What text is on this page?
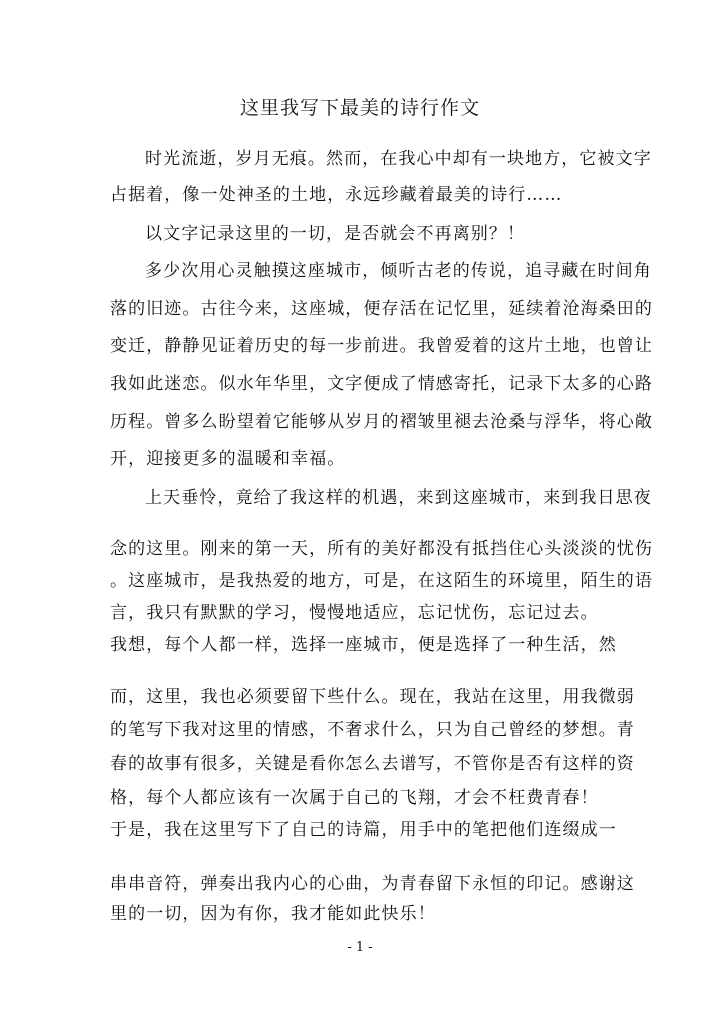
这里我写下最美的诗行作文
时光流逝，岁月无痕。然而，在我心中却有一块地方，它被文字
占据着，像一处神圣的土地，永远珍藏着最美的诗行……
以文字记录这里的一切，是否就会不再离别？！
多少次用心灵触摸这座城市，倾听古老的传说，追寻藏在时间角
落的旧迹。古往今来，这座城，便存活在记忆里，延续着沧海桑田的
变迁，静静见证着历史的每一步前进。我曾爱着的这片土地，也曾让
我如此迷恋。似水年华里，文字便成了情感寄托，记录下太多的心路
历程。曾多么盼望着它能够从岁月的褶皱里褪去沧桑与浮华，将心敞
开，迎接更多的温暖和幸福。
上天垂怜，竟给了我这样的机遇，来到这座城市，来到我日思夜
念的这里。刚来的第一天，所有的美好都没有抵挡住心头淡淡的忧伤
。这座城市，是我热爱的地方，可是，在这陌生的环境里，陌生的语
言，我只有默默的学习，慢慢地适应，忘记忧伤，忘记过去。
我想，每个人都一样，选择一座城市，便是选择了一种生活，然
而，这里，我也必须要留下些什么。现在，我站在这里，用我微弱
的笔写下我对这里的情感，不奢求什么，只为自己曾经的梦想。青
春的故事有很多，关键是看你怎么去谱写，不管你是否有这样的资
格，每个人都应该有一次属于自己的飞翔，才会不枉费青春！
于是，我在这里写下了自己的诗篇，用手中的笔把他们连缀成一
串串音符，弹奏出我内心的心曲，为青春留下永恒的印记。感谢这
里的一切，因为有你，我才能如此快乐！
- 1 -
